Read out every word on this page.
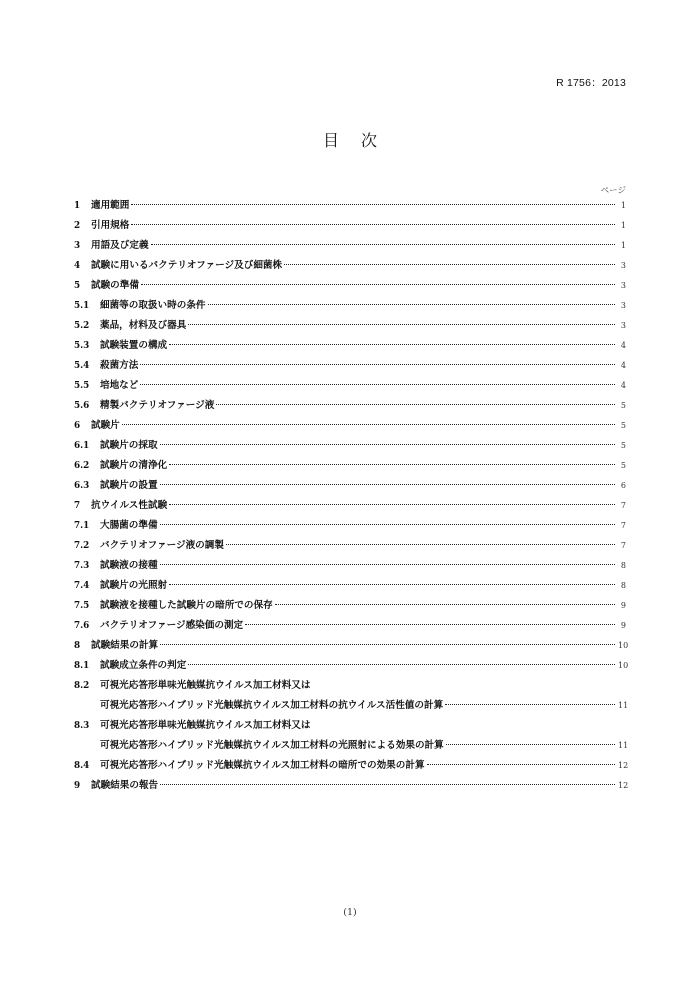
R 1756：2013
目次
ページ
1	適用範囲	1
2	引用規格	1
3	用語及び定義	1
4	試験に用いるバクテリオファージ及び細菌株	3
5	試験の準備	3
5.1	細菌等の取扱い時の条件	3
5.2	薬品，材料及び器具	3
5.3	試験装置の構成	4
5.4	殺菌方法	4
5.5	培地など	4
5.6	精製バクテリオファージ液	5
6	試験片	5
6.1	試験片の採取	5
6.2	試験片の清浄化	5
6.3	試験片の設置	6
7	抗ウイルス性試験	7
7.1	大腸菌の準備	7
7.2	バクテリオファージ液の調製	7
7.3	試験液の接種	8
7.4	試験片の光照射	8
7.5	試験液を接種した試験片の暗所での保存	9
7.6	バクテリオファージ感染価の測定	9
8	試験結果の計算	10
8.1	試験成立条件の判定	10
8.2	可視光応答形単味光触媒抗ウイルス加工材料又は
可視光応答形ハイブリッド光触媒抗ウイルス加工材料の抗ウイルス活性値の計算	11
8.3	可視光応答形単味光触媒抗ウイルス加工材料又は
可視光応答形ハイブリッド光触媒抗ウイルス加工材料の光照射による効果の計算	11
8.4	可視光応答形ハイブリッド光触媒抗ウイルス加工材料の暗所での効果の計算	12
9	試験結果の報告	12
(1)
